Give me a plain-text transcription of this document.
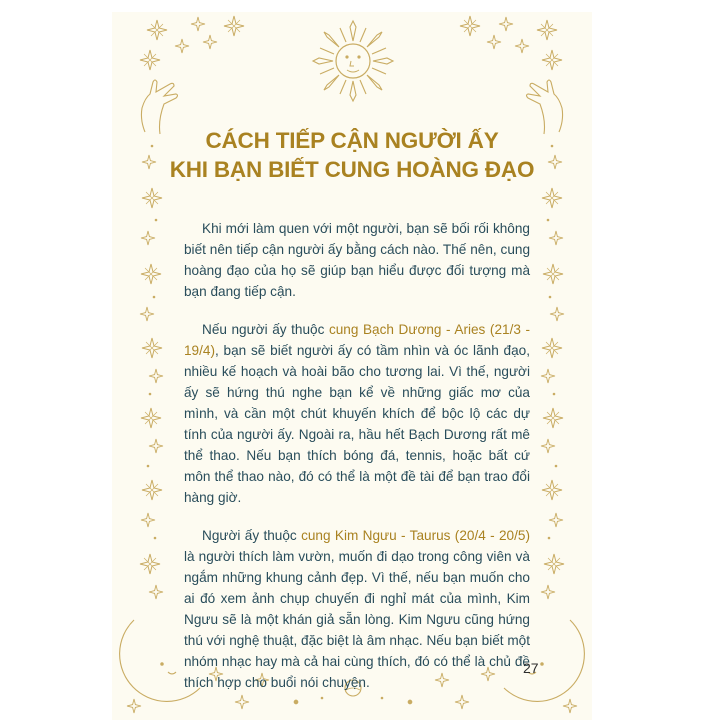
CÁCH TIẾP CẬN NGƯỜI ẤY
KHI BẠN BIẾT CUNG HOÀNG ĐẠO

Khi mới làm quen với một người, bạn sẽ bối rối không biết nên tiếp cận người ấy bằng cách nào. Thế nên, cung hoàng đạo của họ sẽ giúp bạn hiểu được đối tượng mà bạn đang tiếp cận.

Nếu người ấy thuộc cung Bạch Dương - Aries (21/3 - 19/4), bạn sẽ biết người ấy có tầm nhìn và óc lãnh đạo, nhiều kế hoạch và hoài bão cho tương lai. Vì thế, người ấy sẽ hứng thú nghe bạn kể về những giấc mơ của mình, và cần một chút khuyến khích để bộc lộ các dự tính của người ấy. Ngoài ra, hầu hết Bạch Dương rất mê thể thao. Nếu bạn thích bóng đá, tennis, hoặc bất cứ môn thể thao nào, đó có thể là một đề tài để bạn trao đổi hàng giờ.

Người ấy thuộc cung Kim Ngưu - Taurus (20/4 - 20/5) là người thích làm vườn, muốn đi dạo trong công viên và ngắm những khung cảnh đẹp. Vì thế, nếu bạn muốn cho ai đó xem ảnh chụp chuyến đi nghỉ mát của mình, Kim Ngưu sẽ là một khán giả sẵn lòng. Kim Ngưu cũng hứng thú với nghệ thuật, đặc biệt là âm nhạc. Nếu bạn biết một nhóm nhạc hay mà cả hai cùng thích, đó có thể là chủ đề thích hợp cho buổi nói chuyện.

27
